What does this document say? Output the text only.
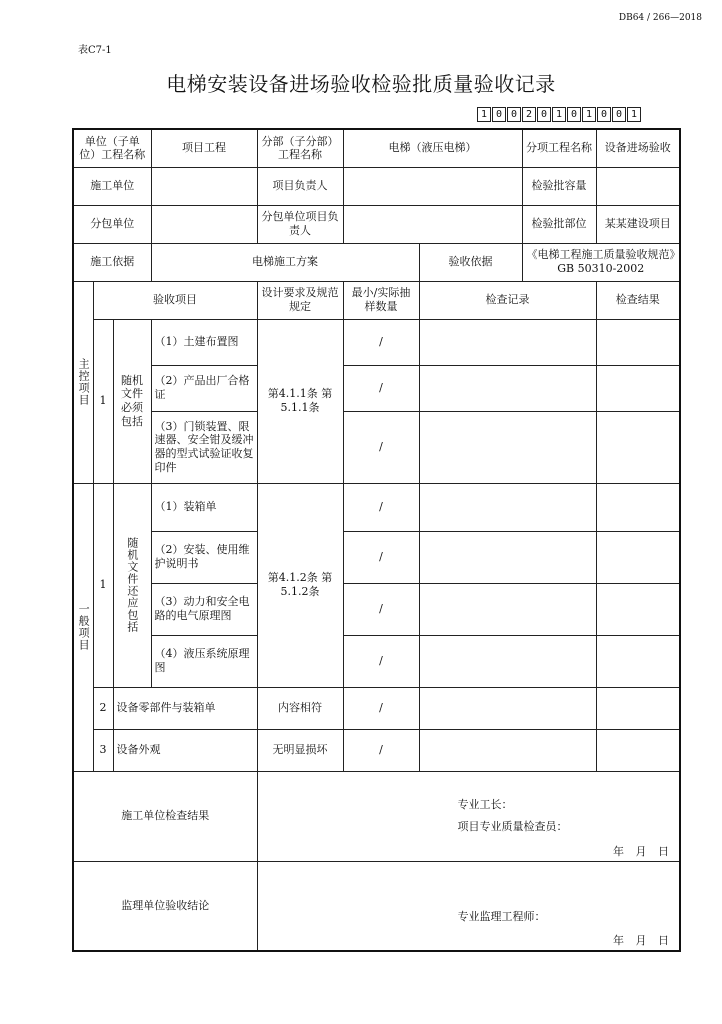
DB64 / 266—2018
表C7-1
电梯安装设备进场验收检验批质量验收记录
1 0 0 2 0 1 0 1 0 0 1
单位（子单位）工程名称			项目工程	分部（子分部）工程名称	电梯（液压电梯）		分项工程名称	设备进场验收
施工单位				项目负责人			检验批容量	
分包单位				分包单位项目负责人			检验批部位	某某建设项目
施工依据			电梯施工方案			验收依据	《电梯工程施工质量验收规范》GB 50310-2002	
主控项目	验收项目			设计要求及规范规定	最小/实际抽样数量	检查记录		检查结果
	1	随机文件必须包括	（1）土建布置图	第4.1.1条 第5.1.1条	/			
			（2）产品出厂合格证		/			
			（3）门锁装置、限速器、安全钳及缓冲器的型式试验证收复印件		/			
一般项目	1	随机文件还应包括	（1）装箱单	第4.1.2条 第5.1.2条	/			
			（2）安装、使用维护说明书		/			
			（3）动力和安全电路的电气原理图		/			
			（4）液压系统原理图		/			
	2	设备零部件与装箱单		内容相符	/			
	3	设备外观		无明显损坏	/			
施工单位检查结果				专业工长：
项目专业质量检查员：
年 月 日				

监理单位验收结论				专业监理工程师：
年 月 日				
